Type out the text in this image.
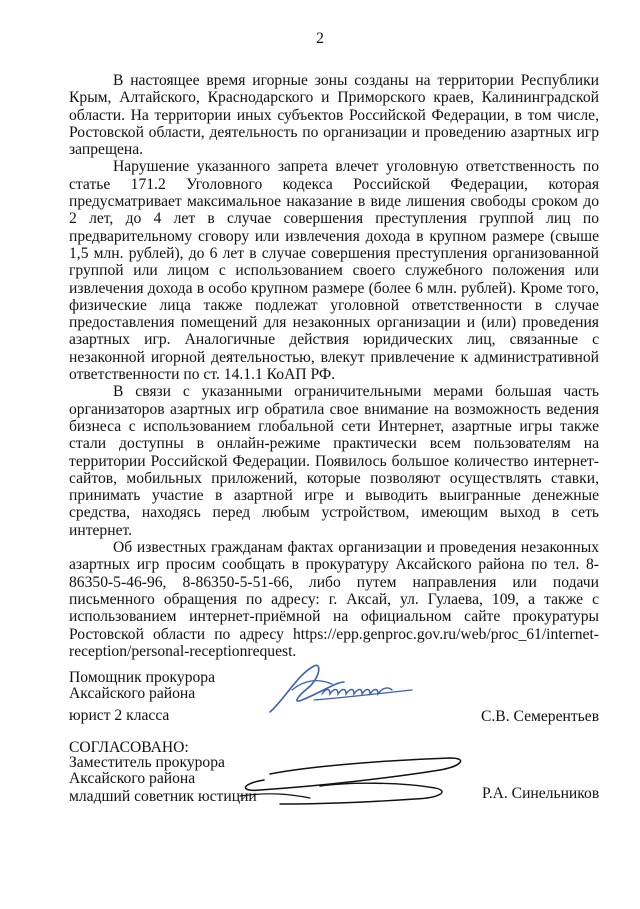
2

В настоящее время игорные зоны созданы на территории Республики Крым, Алтайского, Краснодарского и Приморского краев, Калининградской области. На территории иных субъектов Российской Федерации, в том числе, Ростовской области, деятельность по организации и проведению азартных игр запрещена.

Нарушение указанного запрета влечет уголовную ответственность по статье 171.2 Уголовного кодекса Российской Федерации, которая предусматривает максимальное наказание в виде лишения свободы сроком до 2 лет, до 4 лет в случае совершения преступления группой лиц по предварительному сговору или извлечения дохода в крупном размере (свыше 1,5 млн. рублей), до 6 лет в случае совершения преступления организованной группой или лицом с использованием своего служебного положения или извлечения дохода в особо крупном размере (более 6 млн. рублей). Кроме того, физические лица также подлежат уголовной ответственности в случае предоставления помещений для незаконных организации и (или) проведения азартных игр. Аналогичные действия юридических лиц, связанные с незаконной игорной деятельностью, влекут привлечение к административной ответственности по ст. 14.1.1 КоАП РФ.

В связи с указанными ограничительными мерами большая часть организаторов азартных игр обратила свое внимание на возможность ведения бизнеса с использованием глобальной сети Интернет, азартные игры также стали доступны в онлайн-режиме практически всем пользователям на территории Российской Федерации. Появилось большое количество интернет-сайтов, мобильных приложений, которые позволяют осуществлять ставки, принимать участие в азартной игре и выводить выигранные денежные средства, находясь перед любым устройством, имеющим выход в сеть интернет.

Об известных гражданам фактах организации и проведения незаконных азартных игр просим сообщать в прокуратуру Аксайского района по тел. 8-86350-5-46-96, 8-86350-5-51-66, либо путем направления или подачи письменного обращения по адресу: г. Аксай, ул. Гулаева, 109, а также с использованием интернет-приёмной на официальном сайте прокуратуры Ростовской области по адресу https://epp.genproc.gov.ru/web/proc_61/internet-reception/personal-receptionrequest.

Помощник прокурора
Аксайского района
юрист 2 класса	С.В. Семерентьев
СОГЛАСОВАНО:
Заместитель прокурора
Аксайского района
младший советник юстиции	Р.А. Синельников
